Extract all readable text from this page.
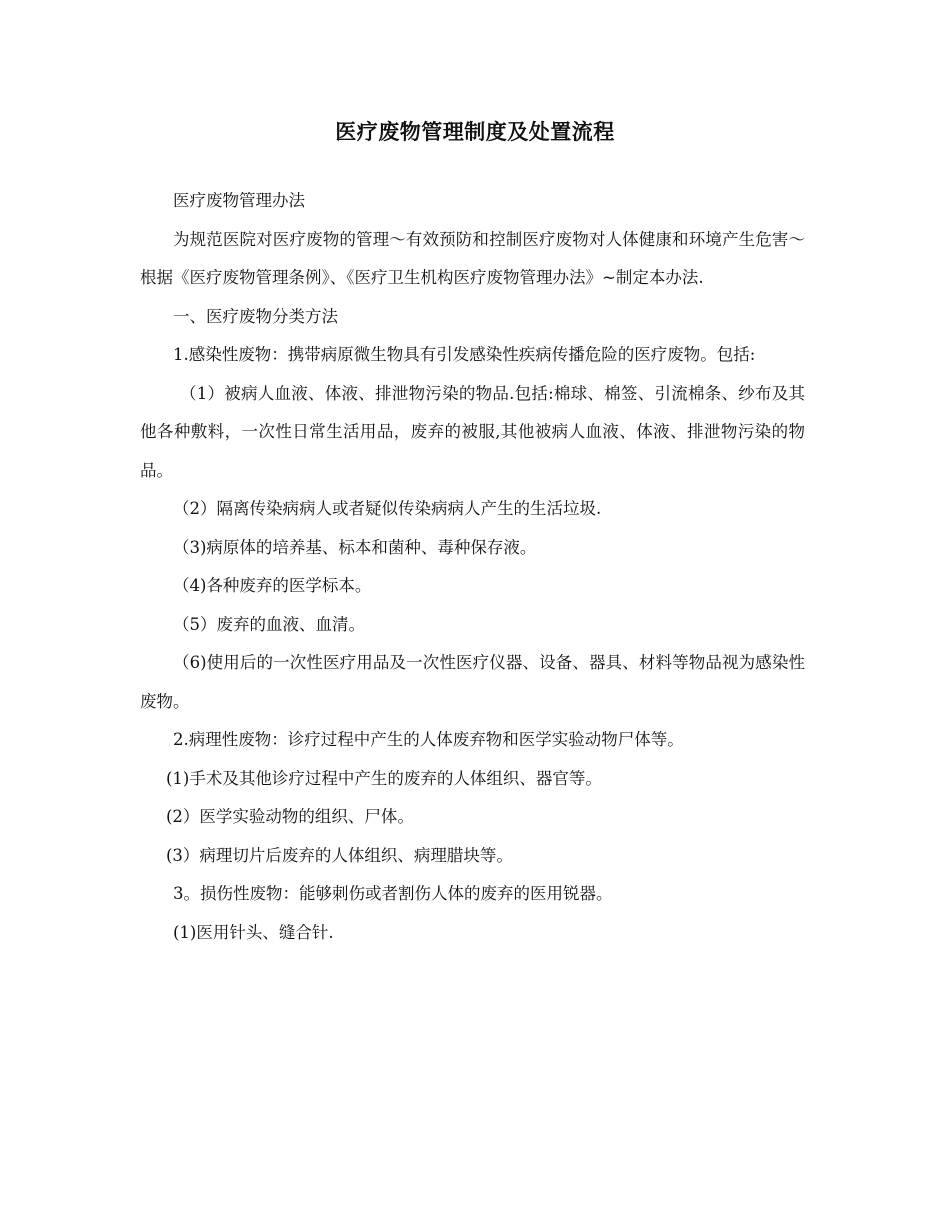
医疗废物管理制度及处置流程

医疗废物管理办法

为规范医院对医疗废物的管理～有效预防和控制医疗废物对人体健康和环境产生危害～根据《医疗废物管理条例》、《医疗卫生机构医疗废物管理办法》~制定本办法.

一、医疗废物分类方法

1.感染性废物：携带病原微生物具有引发感染性疾病传播危险的医疗废物。包括:

（1）被病人血液、体液、排泄物污染的物品.包括:棉球、棉签、引流棉条、纱布及其他各种敷料，一次性日常生活用品，废弃的被服,其他被病人血液、体液、排泄物污染的物品。

（2）隔离传染病病人或者疑似传染病病人产生的生活垃圾.

（3)病原体的培养基、标本和菌种、毒种保存液。

（4)各种废弃的医学标本。

（5）废弃的血液、血清。

（6)使用后的一次性医疗用品及一次性医疗仪器、设备、器具、材料等物品视为感染性废物。

2.病理性废物：诊疗过程中产生的人体废弃物和医学实验动物尸体等。

(1)手术及其他诊疗过程中产生的废弃的人体组织、器官等。

(2）医学实验动物的组织、尸体。

(3）病理切片后废弃的人体组织、病理腊块等。

3。损伤性废物：能够刺伤或者割伤人体的废弃的医用锐器。

(1)医用针头、缝合针.
